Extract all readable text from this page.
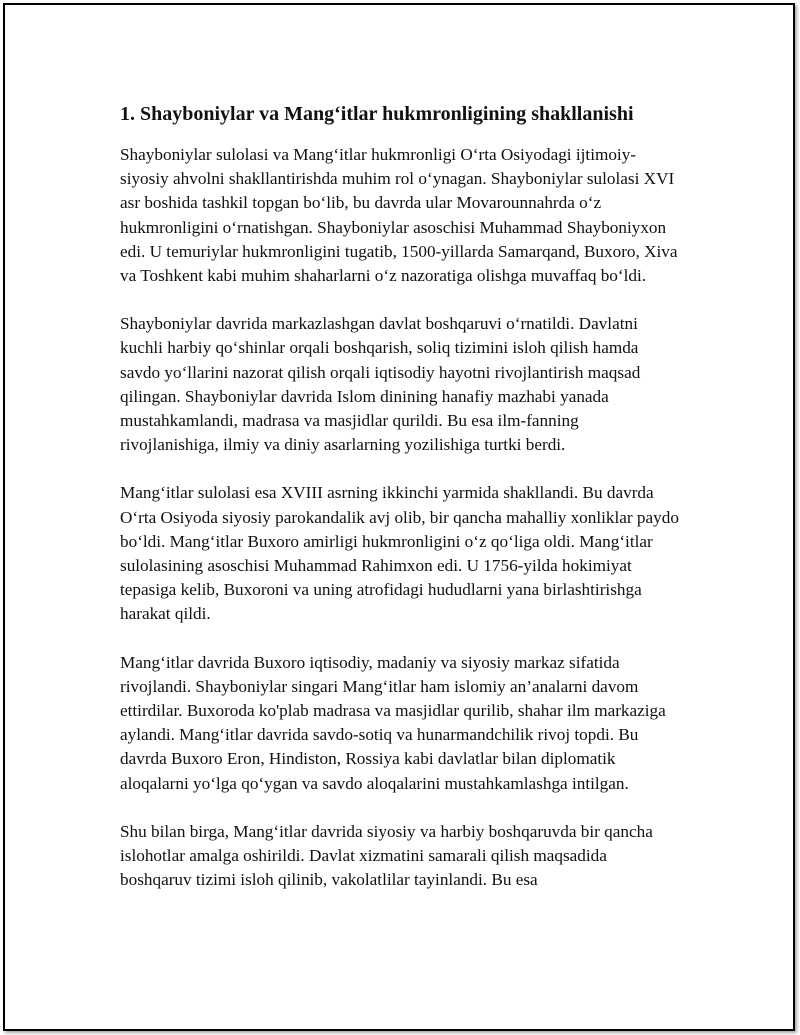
1. Shayboniylar va Mang‘itlar hukmronligining shakllanishi

Shayboniylar sulolasi va Mang‘itlar hukmronligi O‘rta Osiyodagi ijtimoiy-siyosiy ahvolni shakllantirishda muhim rol o‘ynagan. Shayboniylar sulolasi XVI asr boshida tashkil topgan bo‘lib, bu davrda ular Movarounnahrda o‘z hukmronligini o‘rnatishgan. Shayboniylar asoschisi Muhammad Shayboniyxon edi. U temuriylar hukmronligini tugatib, 1500-yillarda Samarqand, Buxoro, Xiva va Toshkent kabi muhim shaharlarni o‘z nazoratiga olishga muvaffaq bo‘ldi.

Shayboniylar davrida markazlashgan davlat boshqaruvi o‘rnatildi. Davlatni kuchli harbiy qo‘shinlar orqali boshqarish, soliq tizimini isloh qilish hamda savdo yo‘llarini nazorat qilish orqali iqtisodiy hayotni rivojlantirish maqsad qilingan. Shayboniylar davrida Islom dinining hanafiy mazhabi yanada mustahkamlandi, madrasa va masjidlar qurildi. Bu esa ilm-fanning rivojlanishiga, ilmiy va diniy asarlarning yozilishiga turtki berdi.

Mang‘itlar sulolasi esa XVIII asrning ikkinchi yarmida shakllandi. Bu davrda O‘rta Osiyoda siyosiy parokandalik avj olib, bir qancha mahalliy xonliklar paydo bo‘ldi. Mang‘itlar Buxoro amirligi hukmronligini o‘z qo‘liga oldi. Mang‘itlar sulolasining asoschisi Muhammad Rahimxon edi. U 1756-yilda hokimiyat tepasiga kelib, Buxoroni va uning atrofidagi hududlarni yana birlashtirishga harakat qildi.

Mang‘itlar davrida Buxoro iqtisodiy, madaniy va siyosiy markaz sifatida rivojlandi. Shayboniylar singari Mang‘itlar ham islomiy an’analarni davom ettirdilar. Buxoroda ko'plab madrasa va masjidlar qurilib, shahar ilm markaziga aylandi. Mang‘itlar davrida savdo-sotiq va hunarmandchilik rivoj topdi. Bu davrda Buxoro Eron, Hindiston, Rossiya kabi davlatlar bilan diplomatik aloqalarni yo‘lga qo‘ygan va savdo aloqalarini mustahkamlashga intilgan.

Shu bilan birga, Mang‘itlar davrida siyosiy va harbiy boshqaruvda bir qancha islohotlar amalga oshirildi. Davlat xizmatini samarali qilish maqsadida boshqaruv tizimi isloh qilinib, vakolatlilar tayinlandi. Bu esa
